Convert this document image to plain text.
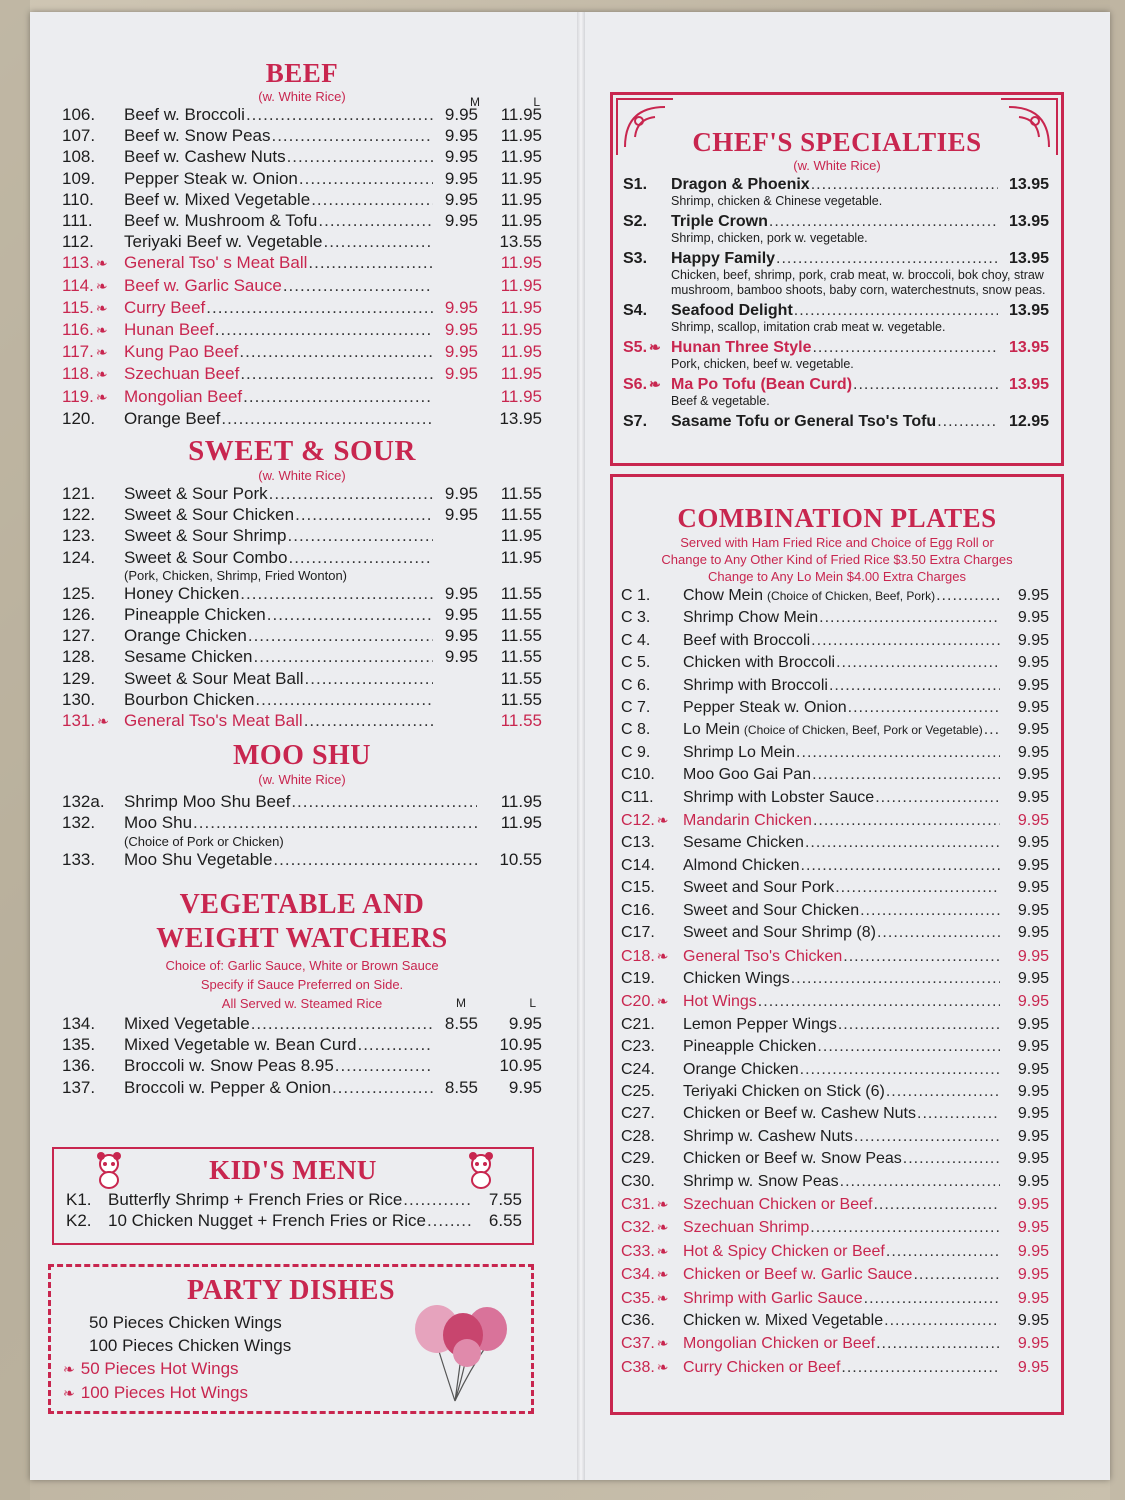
BEEF
(w. White Rice)	M	L
106.	Beef w. Broccoli .....	9.95	11.95
107.	Beef w. Snow Peas .....	9.95	11.95
108.	Beef w. Cashew Nuts .....	9.95	11.95
109.	Pepper Steak w. Onion .....	9.95	11.95
110.	Beef w. Mixed Vegetable .....	9.95	11.95
111.	Beef w. Mushroom & Tofu .....	9.95	11.95
112.	Teriyaki Beef w. Vegetable .....	13.55
113. ❧ General Tso' s Meat Ball .....	11.95
114. ❧ Beef w. Garlic Sauce .....	11.95
115. ❧ Curry Beef .....	9.95	11.95
116. ❧ Hunan Beef .....	9.95	11.95
117. ❧ Kung Pao Beef .....	9.95	11.95
118. ❧ Szechuan Beef .....	9.95	11.95
119. ❧ Mongolian Beef .....	11.95
120.	Orange Beef .....	13.95
SWEET & SOUR
(w. White Rice)
121.	Sweet & Sour Pork .....	9.95	11.55
122.	Sweet & Sour Chicken .....	9.95	11.55
123.	Sweet & Sour Shrimp .....	11.95
124.	Sweet & Sour Combo .....	11.95
(Pork, Chicken, Shrimp, Fried Wonton)
125.	Honey Chicken .....	9.95	11.55
126.	Pineapple Chicken .....	9.95	11.55
127.	Orange Chicken .....	9.95	11.55
128.	Sesame Chicken .....	9.95	11.55
129.	Sweet & Sour Meat Ball .....	11.55
130.	Bourbon Chicken .....	11.55
131. ❧ General Tso's Meat Ball .....	11.55
MOO SHU
(w. White Rice)
132a.	Shrimp Moo Shu Beef .....	11.95
132.	Moo Shu .....	11.95
(Choice of Pork or Chicken)
133.	Moo Shu Vegetable .....	10.55
VEGETABLE AND
WEIGHT WATCHERS
Choice of: Garlic Sauce, White or Brown Sauce
Specify if Sauce Preferred on Side.
All Served w. Steamed Rice	M	L
134.	Mixed Vegetable .....	8.55	9.95
135.	Mixed Vegetable w. Bean Curd .....	10.95
136.	Broccoli w. Snow Peas 8.95 .....	10.95
137.	Broccoli w. Pepper & Onion .....	8.55	9.95
KID'S MENU
K1. Butterfly Shrimp + French Fries or Rice .....	7.55
K2. 10 Chicken Nugget + French Fries or Rice .....	6.55
PARTY DISHES
50 Pieces Chicken Wings
100 Pieces Chicken Wings
❧ 50 Pieces Hot Wings
❧ 100 Pieces Hot Wings
CHEF'S SPECIALTIES
(w. White Rice)
S1.	Dragon & Phoenix .....	13.95
Shrimp, chicken & Chinese vegetable.
S2.	Triple Crown .....	13.95
Shrimp, chicken, pork w. vegetable.
S3.	Happy Family .....	13.95
Chicken, beef, shrimp, pork, crab meat, w. broccoli, bok choy, straw mushroom, bamboo shoots, baby corn, waterchestnuts, snow peas.
S4.	Seafood Delight .....	13.95
Shrimp, scallop, imitation crab meat w. vegetable.
S5. ❧ Hunan Three Style .....	13.95
Pork, chicken, beef w. vegetable.
S6. ❧ Ma Po Tofu (Bean Curd) .....	13.95
Beef & vegetable.
S7.	Sasame Tofu or General Tso's Tofu .....	12.95
COMBINATION PLATES
Served with Ham Fried Rice and Choice of Egg Roll or
Change to Any Other Kind of Fried Rice $3.50 Extra Charges
Change to Any Lo Mein $4.00 Extra Charges
C 1.	Chow Mein (Choice of Chicken, Beef, Pork) .....	9.95
C 3.	Shrimp Chow Mein .....	9.95
C 4.	Beef with Broccoli .....	9.95
C 5.	Chicken with Broccoli .....	9.95
C 6.	Shrimp with Broccoli .....	9.95
C 7.	Pepper Steak w. Onion .....	9.95
C 8.	Lo Mein (Choice of Chicken, Beef, Pork or Vegetable) .....	9.95
C 9.	Shrimp Lo Mein .....	9.95
C10.	Moo Goo Gai Pan .....	9.95
C11.	Shrimp with Lobster Sauce .....	9.95
C12. ❧ Mandarin Chicken .....	9.95
C13.	Sesame Chicken .....	9.95
C14.	Almond Chicken .....	9.95
C15.	Sweet and Sour Pork .....	9.95
C16.	Sweet and Sour Chicken .....	9.95
C17.	Sweet and Sour Shrimp (8) .....	9.95
C18. ❧ General Tso's Chicken .....	9.95
C19.	Chicken Wings .....	9.95
C20. ❧ Hot Wings .....	9.95
C21.	Lemon Pepper Wings .....	9.95
C23.	Pineapple Chicken .....	9.95
C24.	Orange Chicken .....	9.95
C25.	Teriyaki Chicken on Stick (6) .....	9.95
C27.	Chicken or Beef w. Cashew Nuts .....	9.95
C28.	Shrimp w. Cashew Nuts .....	9.95
C29.	Chicken or Beef w. Snow Peas .....	9.95
C30.	Shrimp w. Snow Peas .....	9.95
C31. ❧ Szechuan Chicken or Beef .....	9.95
C32. ❧ Szechuan Shrimp .....	9.95
C33. ❧ Hot & Spicy Chicken or Beef .....	9.95
C34. ❧ Chicken or Beef w. Garlic Sauce .....	9.95
C35. ❧ Shrimp with Garlic Sauce .....	9.95
C36.	Chicken w. Mixed Vegetable .....	9.95
C37. ❧ Mongolian Chicken or Beef .....	9.95
C38. ❧ Curry Chicken or Beef .....	9.95
